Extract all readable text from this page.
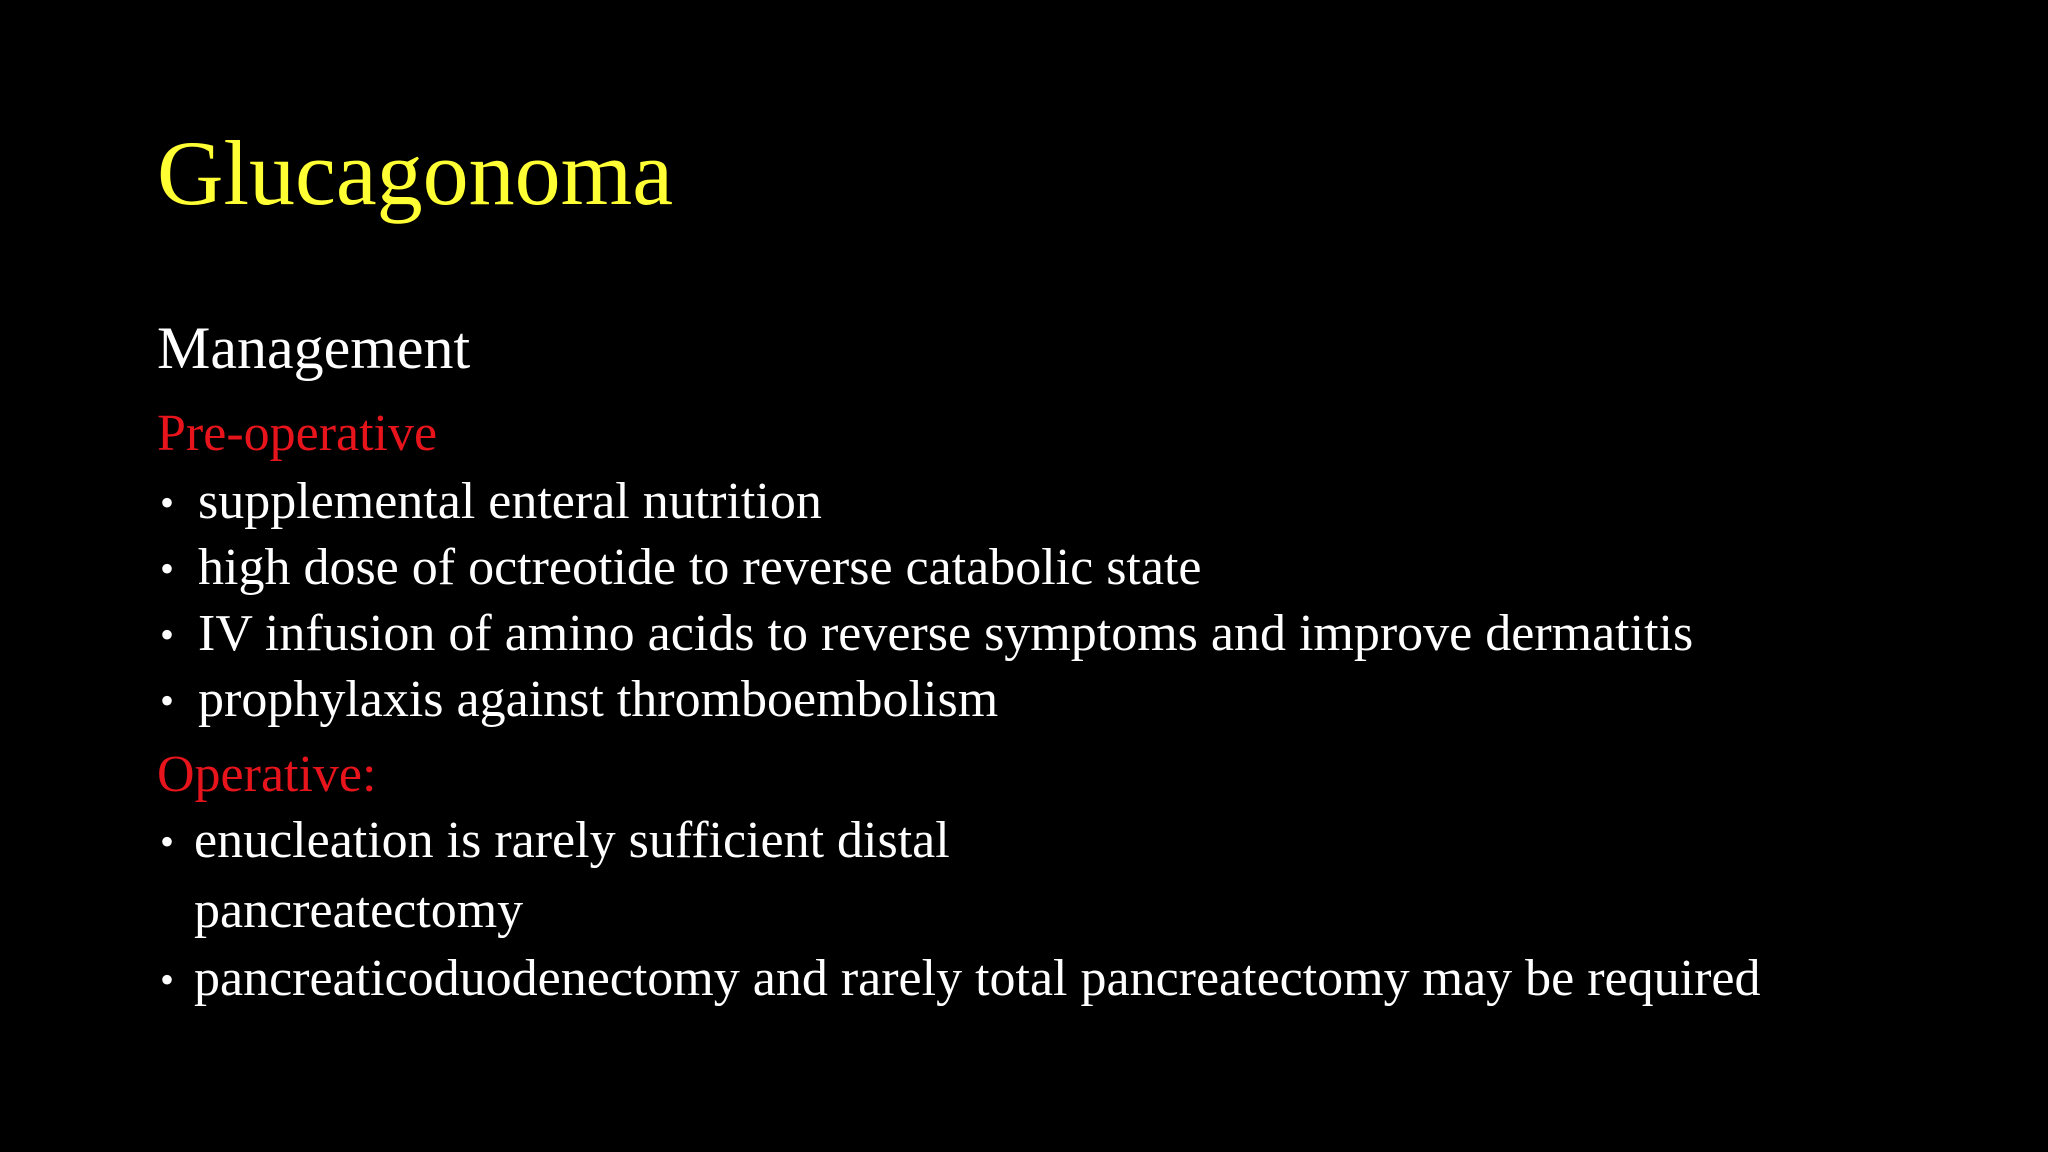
Glucagonoma
Management
Pre-operative
• supplemental enteral nutrition
• high dose of octreotide to reverse catabolic state
• IV infusion of amino acids to reverse symptoms and improve dermatitis
• prophylaxis against thromboembolism
Operative:
• enucleation is rarely sufficient distal pancreatectomy
• pancreaticoduodenectomy and rarely total pancreatectomy may be required
